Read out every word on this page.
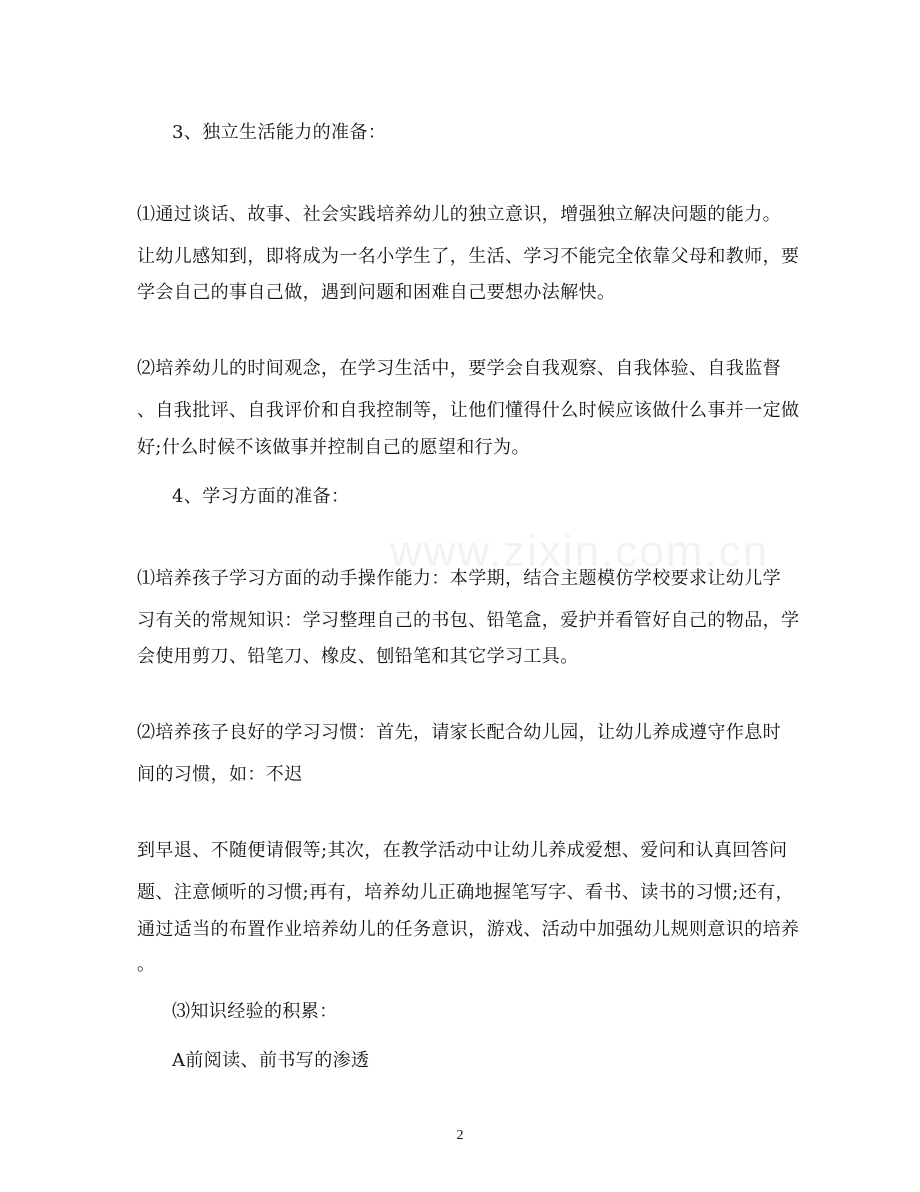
3、独立生活能力的准备：
⑴通过谈话、故事、社会实践培养幼儿的独立意识，增强独立解决问题的能力。
让幼儿感知到，即将成为一名小学生了，生活、学习不能完全依靠父母和教师，要
学会自己的事自己做，遇到问题和困难自己要想办法解快。
⑵培养幼儿的时间观念，在学习生活中，要学会自我观察、自我体验、自我监督
、自我批评、自我评价和自我控制等，让他们懂得什么时候应该做什么事并一定做
好;什么时候不该做事并控制自己的愿望和行为。
4、学习方面的准备：
⑴培养孩子学习方面的动手操作能力：本学期，结合主题模仿学校要求让幼儿学
习有关的常规知识：学习整理自己的书包、铅笔盒，爱护并看管好自己的物品，学
会使用剪刀、铅笔刀、橡皮、刨铅笔和其它学习工具。
⑵培养孩子良好的学习习惯：首先，请家长配合幼儿园，让幼儿养成遵守作息时
间的习惯，如：不迟
到早退、不随便请假等;其次，在教学活动中让幼儿养成爱想、爱问和认真回答问
题、注意倾听的习惯;再有，培养幼儿正确地握笔写字、看书、读书的习惯;还有，
通过适当的布置作业培养幼儿的任务意识，游戏、活动中加强幼儿规则意识的培养
。
⑶知识经验的积累：
A前阅读、前书写的渗透
www.zixin.com.cn
2
